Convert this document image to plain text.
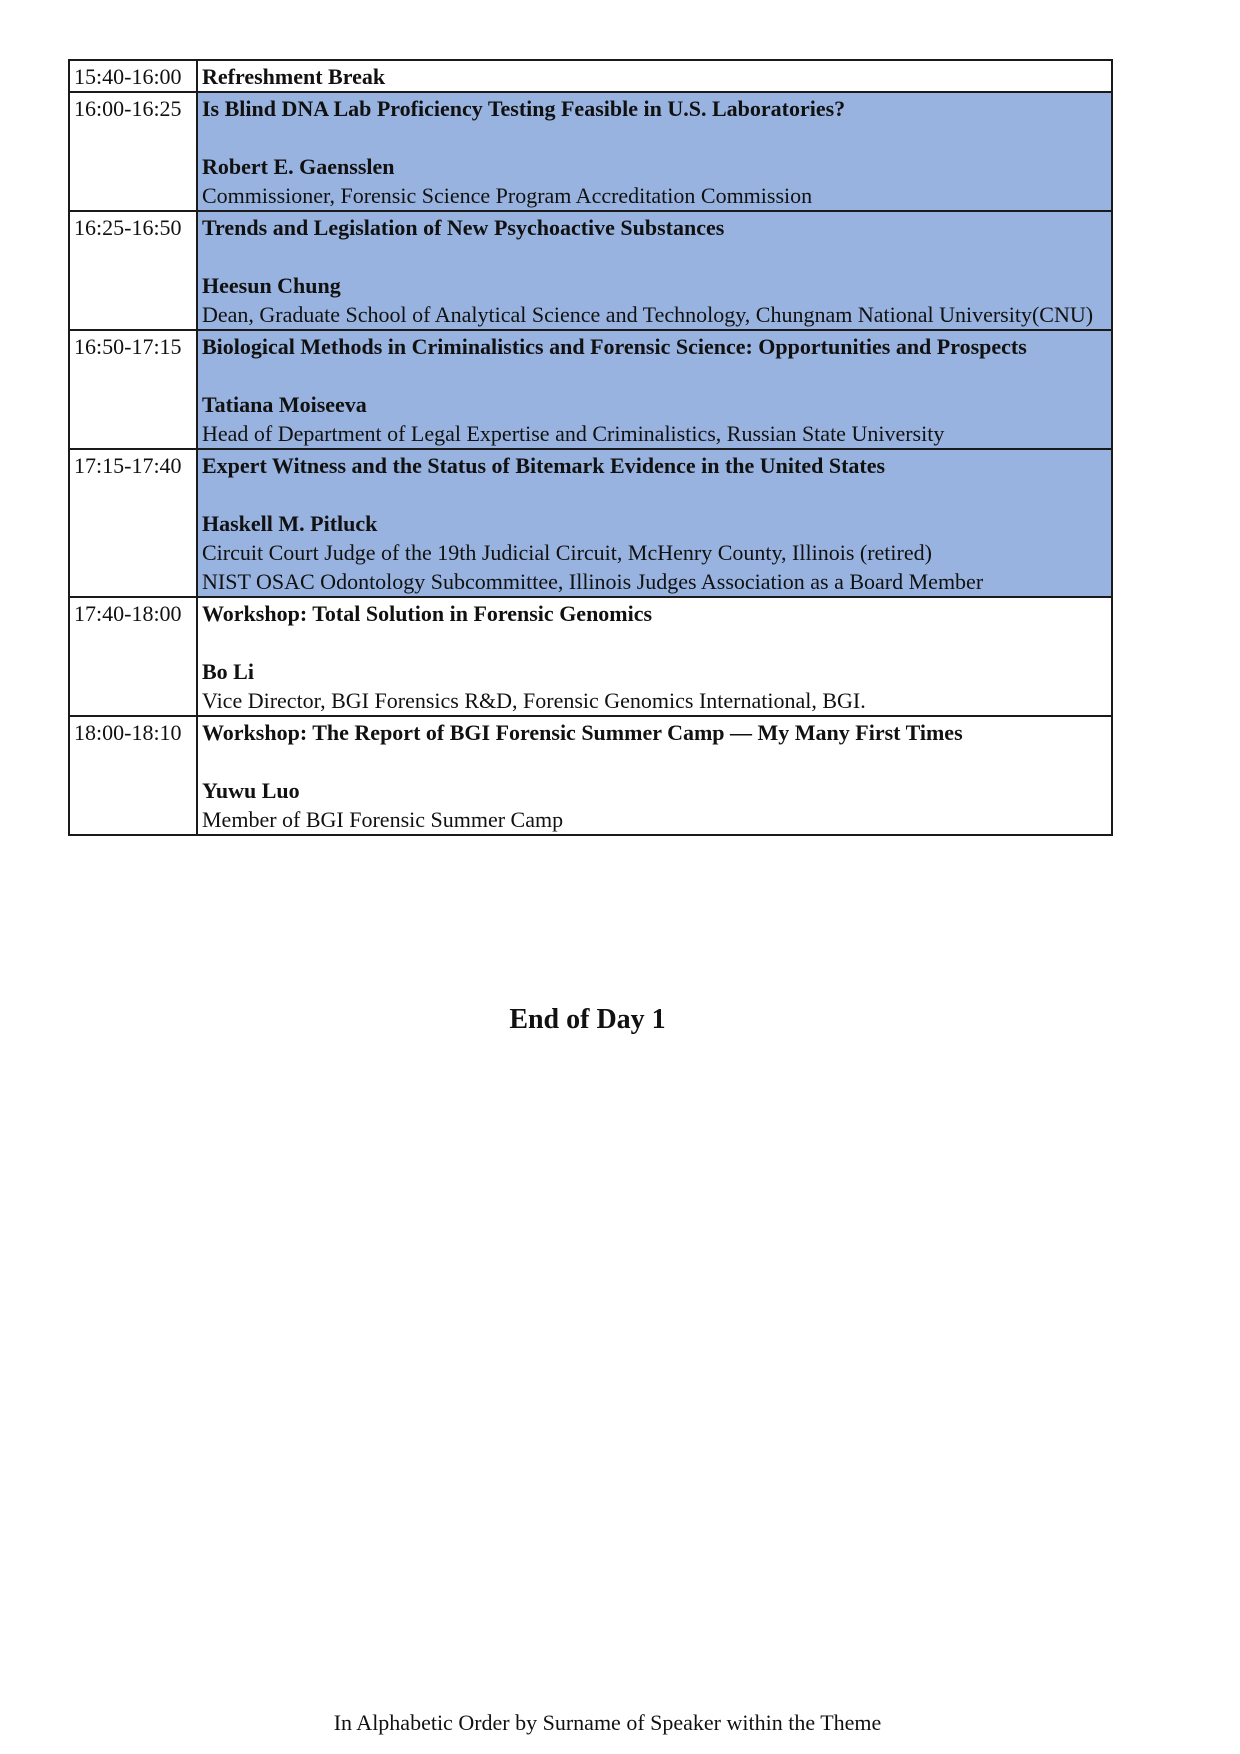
15:40-16:00	Refreshment Break

16:00-16:25	Is Blind DNA Lab Proficiency Testing Feasible in U.S. Laboratories?
Robert E. Gaensslen
Commissioner, Forensic Science Program Accreditation Commission

16:25-16:50	Trends and Legislation of New Psychoactive Substances
Heesun Chung
Dean, Graduate School of Analytical Science and Technology, Chungnam National University(CNU)

16:50-17:15	Biological Methods in Criminalistics and Forensic Science: Opportunities and Prospects
Tatiana Moiseeva
Head of Department of Legal Expertise and Criminalistics, Russian State University

17:15-17:40	Expert Witness and the Status of Bitemark Evidence in the United States
Haskell M. Pitluck
Circuit Court Judge of the 19th Judicial Circuit, McHenry County, Illinois (retired)
NIST OSAC Odontology Subcommittee, Illinois Judges Association as a Board Member

17:40-18:00	Workshop: Total Solution in Forensic Genomics
Bo Li
Vice Director, BGI Forensics R&D, Forensic Genomics International, BGI.

18:00-18:10	Workshop: The Report of BGI Forensic Summer Camp — My Many First Times
Yuwu Luo
Member of BGI Forensic Summer Camp
End of Day 1
In Alphabetic Order by Surname of Speaker within the Theme
